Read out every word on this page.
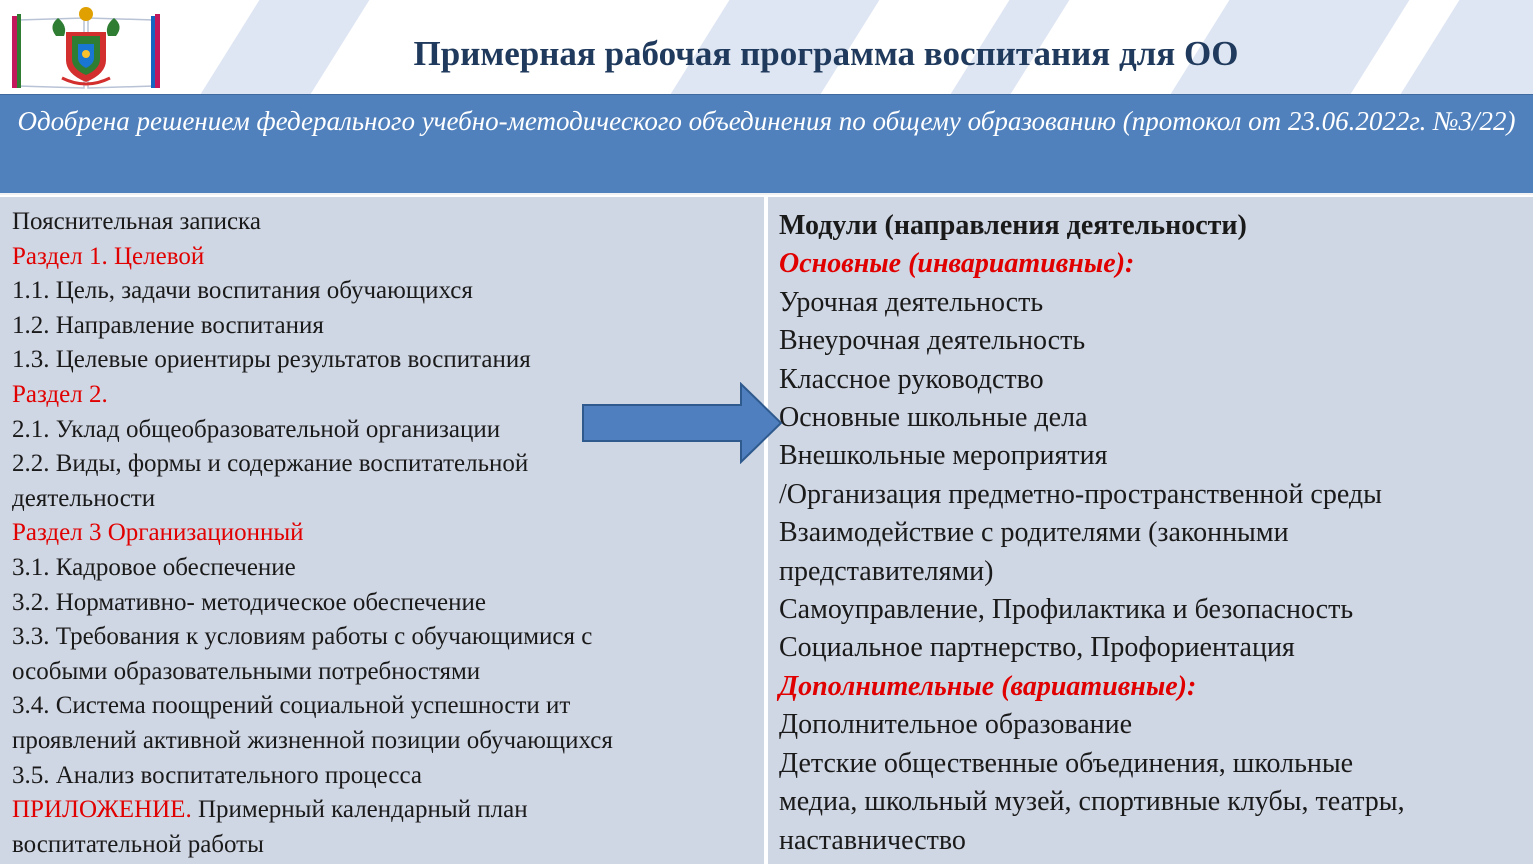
Примерная рабочая программа воспитания для ОО
Одобрена решением федерального учебно-методического объединения по общему образованию (протокол от 23.06.2022г. №3/22)
Пояснительная записка
Раздел 1. Целевой
1.1. Цель, задачи воспитания обучающихся
1.2. Направление воспитания
1.3. Целевые ориентиры результатов воспитания
Раздел 2.
2.1. Уклад общеобразовательной организации
2.2. Виды, формы и содержание воспитательной
деятельности
Раздел 3 Организационный
3.1. Кадровое обеспечение
3.2. Нормативно- методическое обеспечение
3.3. Требования к условиям работы с обучающимися с
особыми образовательными потребностями
3.4. Система поощрений социальной успешности ит
проявлений активной жизненной позиции обучающихся
3.5. Анализ воспитательного процесса
ПРИЛОЖЕНИЕ. Примерный календарный план
воспитательной работы
Модули (направления деятельности)
Основные (инвариативные):
Урочная деятельность
Внеурочная деятельность
Классное руководство
Основные школьные дела
Внешкольные мероприятия
/Организация предметно-пространственной среды
Взаимодействие с родителями (законными
представителями)
Самоуправление, Профилактика и безопасность
Социальное партнерство, Профориентация
Дополнительные (вариативные):
Дополнительное образование
Детские общественные объединения, школьные
медиа, школьный музей, спортивные клубы, театры,
наставничество
